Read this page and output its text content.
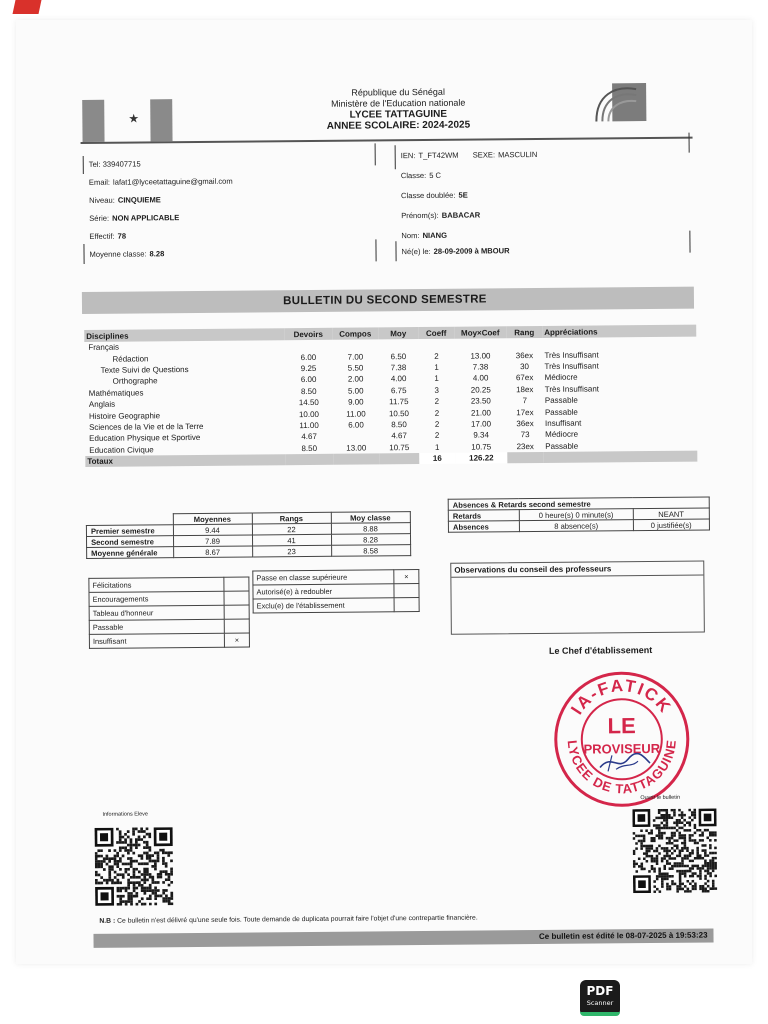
★
République du Sénégal
Ministère de l'Education nationale
LYCEE TATTAGUINE
ANNEE SCOLAIRE: 2024-2025
Tel: 339407715
Email: lafat1@lyceetattaguine@gmail.com
Niveau: CINQUIEME
Série: NON APPLICABLE
Effectif: 78
Moyenne classe: 8.28
IEN: T_FT42WM SEXE: MASCULIN
Classe: 5 C
Classe doublée: 5E
Prénom(s): BABACAR
Nom: NIANG
Né(e) le: 28-09-2009 à MBOUR
BULLETIN DU SECOND SEMESTRE
Disciplines	Devoirs	Compos	Moy	Coeff	Moy×Coef	Rang	Appréciations
Français							
Rédaction	6.00	7.00	6.50	2	13.00	36ex	Très Insuffisant
Texte Suivi de Questions	9.25	5.50	7.38	1	7.38	30	Très Insuffisant
Orthographe	6.00	2.00	4.00	1	4.00	67ex	Médiocre
Mathématiques	8.50	5.00	6.75	3	20.25	18ex	Très Insuffisant
Anglais	14.50	9.00	11.75	2	23.50	7	Passable
Histoire Geographie	10.00	11.00	10.50	2	21.00	17ex	Passable
Sciences de la Vie et de la Terre	11.00	6.00	8.50	2	17.00	36ex	Insuffisant
Education Physique et Sportive	4.67		4.67	2	9.34	73	Médiocre
Education Civique	8.50	13.00	10.75	1	10.75	23ex	Passable
Totaux				16	126.22		
	Moyennes	Rangs	Moy classe
Premier semestre	9.44	22	8.88
Second semestre	7.89	41	8.28
Moyenne générale	8.67	23	8.58
Absences & Retards second semestre		
Retards	0 heure(s) 0 minute(s)	NEANT
Absences	8 absence(s)	0 justifiée(s)
Félicitations	
Encouragements	
Tableau d'honneur	
Passable	
Insuffisant	×
Passe en classe supérieure	×
Autorisé(e) à redoubler	
Exclu(e) de l'établissement	
Observations du conseil des professeurs
Le Chef d'établissement
IA-FATICK
LYCEE DE TATTAGUINE
LE
PROVISEUR
Informations Eleve
Ouvrir le bulletin
N.B : Ce bulletin n'est délivré qu'une seule fois. Toute demande de duplicata pourrait faire l'objet d'une contrepartie financière.
Ce bulletin est édité le 08-07-2025 à 19:53:23
PDF
Scanner
